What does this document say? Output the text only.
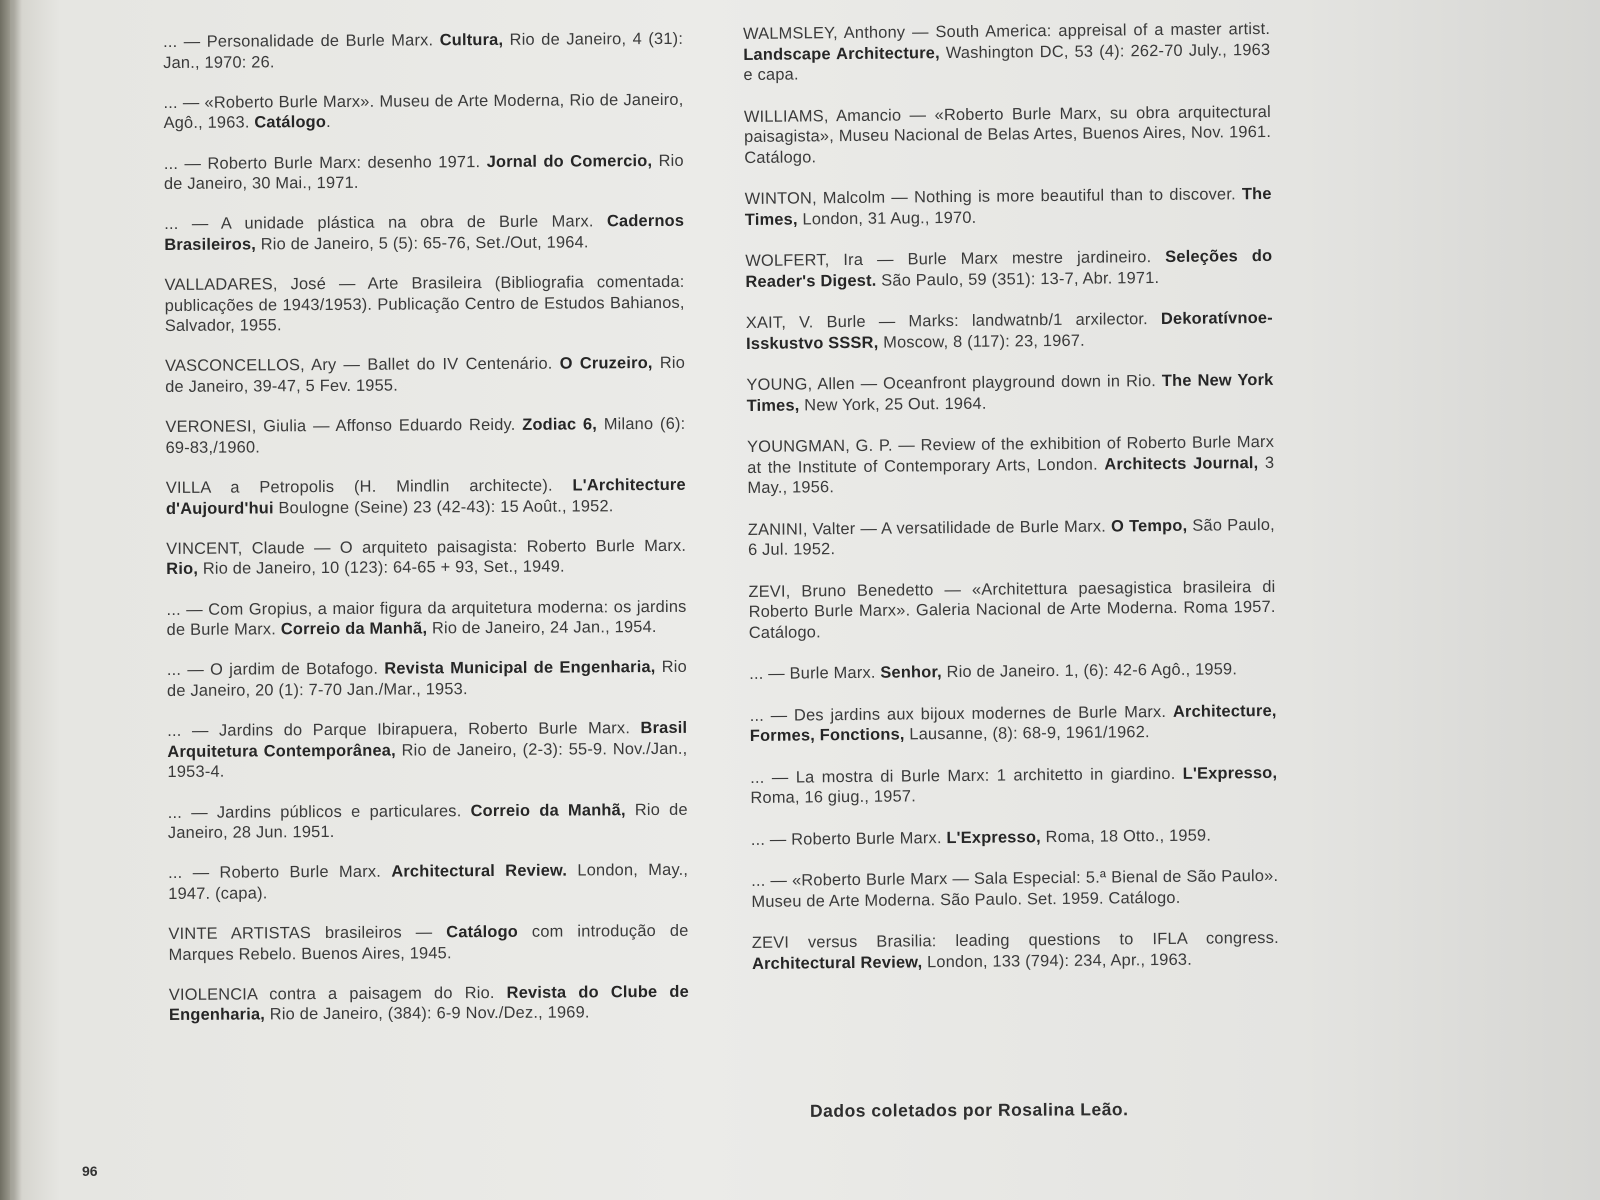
... — Personalidade de Burle Marx. Cultura, Rio de Janeiro, 4 (31): Jan., 1970: 26.

... — «Roberto Burle Marx». Museu de Arte Moderna, Rio de Janeiro, Agô., 1963. Catálogo.

... — Roberto Burle Marx: desenho 1971. Jornal do Comercio, Rio de Janeiro, 30 Mai., 1971.

... — A unidade plástica na obra de Burle Marx. Cadernos Brasileiros, Rio de Janeiro, 5 (5): 65-76, Set./Out, 1964.

VALLADARES, José — Arte Brasileira (Bibliografia comentada: publicações de 1943/1953). Publicação Centro de Estudos Bahianos, Salvador, 1955.

VASCONCELLOS, Ary — Ballet do IV Centenário. O Cruzeiro, Rio de Janeiro, 39-47, 5 Fev. 1955.

VERONESI, Giulia — Affonso Eduardo Reidy. Zodiac 6, Milano (6): 69-83,/1960.

VILLA a Petropolis (H. Mindlin architecte). L'Architecture d'Aujourd'hui Boulogne (Seine) 23 (42-43): 15 Août., 1952.

VINCENT, Claude — O arquiteto paisagista: Roberto Burle Marx. Rio, Rio de Janeiro, 10 (123): 64-65 + 93, Set., 1949.

... — Com Gropius, a maior figura da arquitetura moderna: os jardins de Burle Marx. Correio da Manhã, Rio de Janeiro, 24 Jan., 1954.

... — O jardim de Botafogo. Revista Municipal de Engenharia, Rio de Janeiro, 20 (1): 7-70 Jan./Mar., 1953.

... — Jardins do Parque Ibirapuera, Roberto Burle Marx. Brasil Arquitetura Contemporânea, Rio de Janeiro, (2-3): 55-9. Nov./Jan., 1953-4.

... — Jardins públicos e particulares. Correio da Manhã, Rio de Janeiro, 28 Jun. 1951.

... — Roberto Burle Marx. Architectural Review. London, May., 1947. (capa).

VINTE ARTISTAS brasileiros — Catálogo com introdução de Marques Rebelo. Buenos Aires, 1945.

VIOLENCIA contra a paisagem do Rio. Revista do Clube de Engenharia, Rio de Janeiro, (384): 6-9 Nov./Dez., 1969.

WALMSLEY, Anthony — South America: appreisal of a master artist. Landscape Architecture, Washington DC, 53 (4): 262-70 July., 1963 e capa.

WILLIAMS, Amancio — «Roberto Burle Marx, su obra arquitectural paisagista», Museu Nacional de Belas Artes, Buenos Aires, Nov. 1961. Catálogo.

WINTON, Malcolm — Nothing is more beautiful than to discover. The Times, London, 31 Aug., 1970.

WOLFERT, Ira — Burle Marx mestre jardineiro. Seleções do Reader's Digest. São Paulo, 59 (351): 13-7, Abr. 1971.

XAIT, V. Burle — Marks: landwatnb/1 arxilector. Dekoratívnoe-Isskustvo SSSR, Moscow, 8 (117): 23, 1967.

YOUNG, Allen — Oceanfront playground down in Rio. The New York Times, New York, 25 Out. 1964.

YOUNGMAN, G. P. — Review of the exhibition of Roberto Burle Marx at the Institute of Contemporary Arts, London. Architects Journal, 3 May., 1956.

ZANINI, Valter — A versatilidade de Burle Marx. O Tempo, São Paulo, 6 Jul. 1952.

ZEVI, Bruno Benedetto — «Architettura paesagistica brasileira di Roberto Burle Marx». Galeria Nacional de Arte Moderna. Roma 1957. Catálogo.

... — Burle Marx. Senhor, Rio de Janeiro. 1, (6): 42-6 Agô., 1959.

... — Des jardins aux bijoux modernes de Burle Marx. Architecture, Formes, Fonctions, Lausanne, (8): 68-9, 1961/1962.

... — La mostra di Burle Marx: 1 architetto in giardino. L'Expresso, Roma, 16 giug., 1957.

... — Roberto Burle Marx. L'Expresso, Roma, 18 Otto., 1959.

... — «Roberto Burle Marx — Sala Especial: 5.ª Bienal de São Paulo». Museu de Arte Moderna. São Paulo. Set. 1959. Catálogo.

ZEVI versus Brasilia: leading questions to IFLA congress. Architectural Review, London, 133 (794): 234, Apr., 1963.

Dados coletados por Rosalina Leão.
96
